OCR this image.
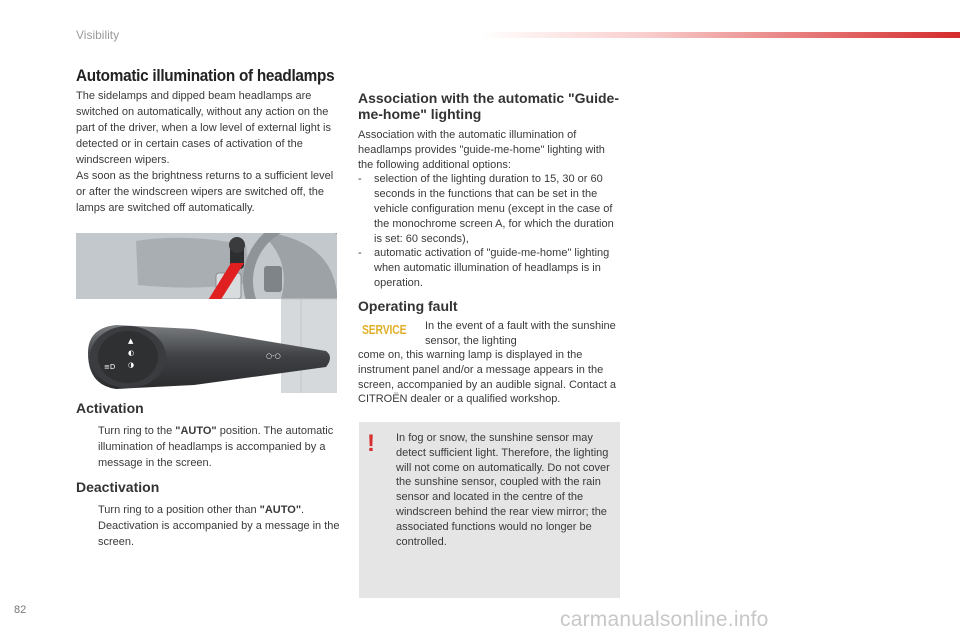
Visibility
Automatic illumination of headlamps

The sidelamps and dipped beam headlamps are switched on automatically, without any action on the part of the driver, when a low level of external light is detected or in certain cases of activation of the windscreen wipers.

As soon as the brightness returns to a sufficient level or after the windscreen wipers are switched off, the lamps are switched off automatically.

▲
◐
◑
≡D
○-○
Activation
Turn ring to the "AUTO" position. The automatic illumination of headlamps is accompanied by a message in the screen.
Deactivation
Turn ring to a position other than "AUTO". Deactivation is accompanied by a message in the screen.
Association with the automatic "Guide-me-home" lighting
Association with the automatic illumination of headlamps provides "guide-me-home" lighting with the following additional options:
- selection of the lighting duration to 15, 30 or 60 seconds in the functions that can be set in the vehicle configuration menu (except in the case of the monochrome screen A, for which the duration is set: 60 seconds),
- automatic activation of "guide-me-home" lighting when automatic illumination of headlamps is in operation.
Operating fault
SERVICE In the event of a fault with the sunshine sensor, the lighting
come on, this warning lamp is displayed in the instrument panel and/or a message appears in the screen, accompanied by an audible signal. Contact a CITROËN dealer or a qualified workshop.
! In fog or snow, the sunshine sensor may detect sufficient light. Therefore, the lighting will not come on automatically. Do not cover the sunshine sensor, coupled with the rain sensor and located in the centre of the windscreen behind the rear view mirror; the associated functions would no longer be controlled.
82	carmanualsonline.info
